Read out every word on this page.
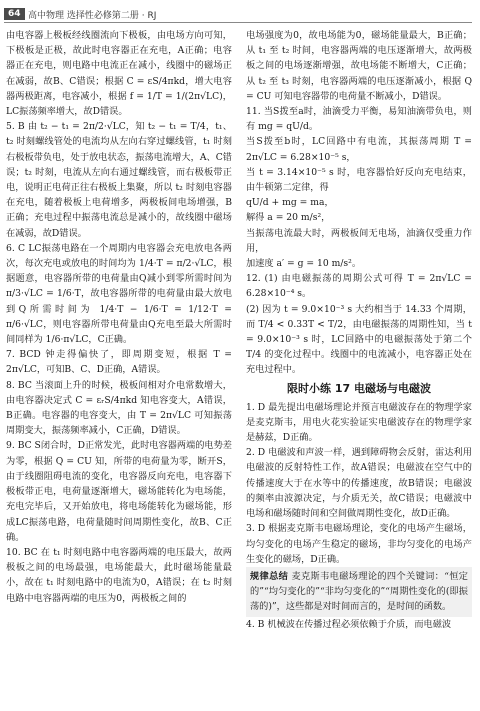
64 高中物理 选择性必修第二册 · RJ

由电容器上极板经线圈流向下极板，由电场方向可知，下极板是正极，故此时电容器正在充电，A正确；电容器正在充电，则电路中电流正在减小，线圈中的磁场正在减弱，故B、C错误；根据 C = εS/4πkd，增大电容器两极距离，电容减小，根据 f = 1/T = 1/(2π√LC)，LC振荡频率增大，故D错误。

5. B 由 t₂ − t₁ = 2π/2·√LC，知 t₂ − t₁ = T/4，t₁、t₂ 时刻螺线管处的电流均从左向右穿过螺线管，t₁ 时刻右极板带负电，处于放电状态，振荡电流增大，A、C错误；t₂ 时刻，电流从左向右通过螺线管，而右极板带正电，说明正电荷正往右极板上集聚，所以 t₂ 时刻电容器在充电，随着极板上电荷增多，两极板间电场增强，B正确；充电过程中振荡电流总是减小的，故线圈中磁场在减弱，故D错误。

6. C LC振荡电路在一个周期内电容器会充电放电各两次，每次充电或放电的时间均为 1/4·T = π/2·√LC，根据题意，电容器所带的电荷量由Q减小到零所需时间为 π/3·√LC = 1/6·T，故电容器所带的电荷量由最大放电到Q所需时间为 1/4·T − 1/6·T = 1/12·T = π/6·√LC，则电容器所带电荷量由Q充电至最大所需时间同样为 1/6·π√LC，C正确。

7. BCD 钟走得偏快了，即周期变短，根据 T = 2π√LC，可知B、C、D正确，A错误。

8. BC 当滚面上升的时候，极板间相对介电常数增大，由电容器决定式 C = εᵣS/4πkd 知电容变大，A错误，B正确。电容器的电容变大，由 T = 2π√LC 可知振荡周期变大，振荡频率减小，C正确，D错误。

9. BC S闭合时，D正常发光，此时电容器两端的电势差为零，根据 Q = CU 知，所带的电荷量为零，断开S，由于线圈阻碍电流的变化，电容器反向充电，电容器下极板带正电，电荷量逐渐增大，磁场能转化为电场能，充电完毕后，又开始放电，将电场能转化为磁场能，形成LC振荡电路，电荷量随时间周期性变化，故B、C正确。

10. BC 在 t₁ 时刻电路中电容器两端的电压最大，故两极板之间的电场最强，电场能最大，此时磁场能量最小，故在 t₁ 时刻电路中的电流为0，A错误；在 t₂ 时刻电路中电容器两端的电压为0，两极板之间的

电场强度为0，故电场能为0，磁场能量最大，B正确；从 t₁ 至 t₂ 时间，电容器两端的电压逐渐增大，故两极板之间的电场逐渐增强，故电场能不断增大，C正确；从 t₂ 至 t₃ 时刻，电容器两端的电压逐渐减小，根据 Q = CU 可知电容器带的电荷量不断减小，D错误。

11. 当S拨至a时，油滴受力平衡，易知油滴带负电，则有 mg = qU/d。

当S拨至b时，LC回路中有电流，其振荡周期 T = 2π√LC = 6.28×10⁻⁵ s，

当 t = 3.14×10⁻⁵ s 时，电容器恰好反向充电结束，由牛顿第二定律，得

qU/d + mg = ma，

解得 a = 20 m/s²，

当振荡电流最大时，两极板间无电场，油滴仅受重力作用，

加速度 a′ = g = 10 m/s²。

12. (1) 由电磁振荡的周期公式可得 T = 2π√LC = 6.28×10⁻⁴ s。

(2) 因为 t = 9.0×10⁻³ s 大约相当于 14.33 个周期，而 T/4 < 0.33T < T/2，由电磁振荡的周期性知，当 t = 9.0×10⁻³ s 时，LC回路中的电磁振荡处于第二个 T/4 的变化过程中。线圈中的电流减小，电容器正处在充电过程中。

限时小练 17 电磁场与电磁波

1. D 最先提出电磁场理论并预言电磁波存在的物理学家是麦克斯韦，用电火花实验证实电磁波存在的物理学家是赫兹，D正确。

2. D 电磁波和声波一样，遇到障碍物会反射，雷达利用电磁波的反射特性工作，故A错误；电磁波在空气中的传播速度大于在水等中的传播速度，故B错误；电磁波的频率由波源决定，与介质无关，故C错误；电磁波中电场和磁场随时间和空间做周期性变化，故D正确。

3. D 根据麦克斯韦电磁场理论，变化的电场产生磁场，均匀变化的电场产生稳定的磁场，非均匀变化的电场产生变化的磁场，D正确。

规律总结 麦克斯韦电磁场理论的四个关键词：“恒定的”“均匀变化的”“非均匀变化的”“周期性变化的(即振荡的)”，这些都是对时间而言的，是时间的函数。

4. B 机械波在传播过程必须依赖于介质，而电磁波
